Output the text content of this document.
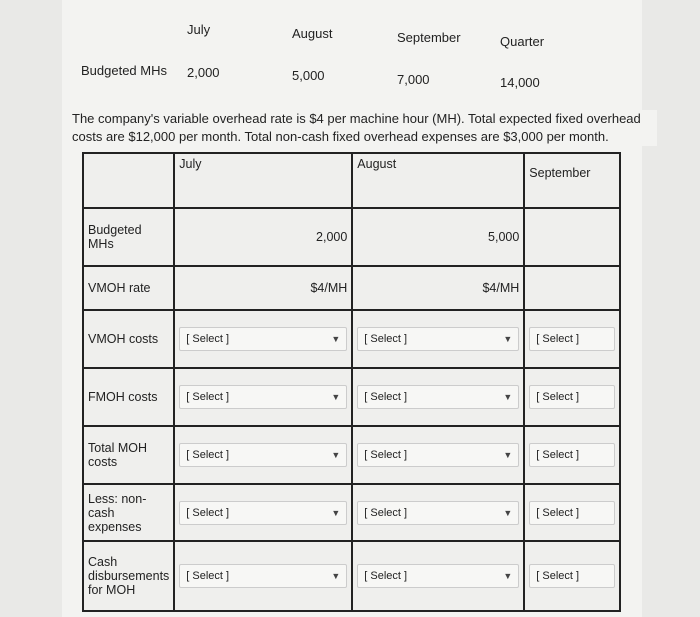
July	August	September	Quarter
Budgeted MHs 2,000	5,000	7,000	14,000
	July	August	September
Budgeted MHs	2,000	5,000	
VMOH rate	$4/MH	$4/MH	
VMOH costs	[ Select ] ▼	[ Select ] ▼	[ Select ]

FMOH costs	[ Select ] ▼	[ Select ] ▼	[ Select ]

Total MOH costs	[ Select ] ▼	[ Select ] ▼	[ Select ]

Less: non-cash expenses	[ Select ] ▼	[ Select ] ▼	[ Select ]

Cash disbursements for MOH	[ Select ] ▼	[ Select ] ▼	[ Select ]
The company's variable overhead rate is $4 per machine hour (MH). Total expected fixed overhead costs are $12,000 per month. Total non-cash fixed overhead expenses are $3,000 per month.
